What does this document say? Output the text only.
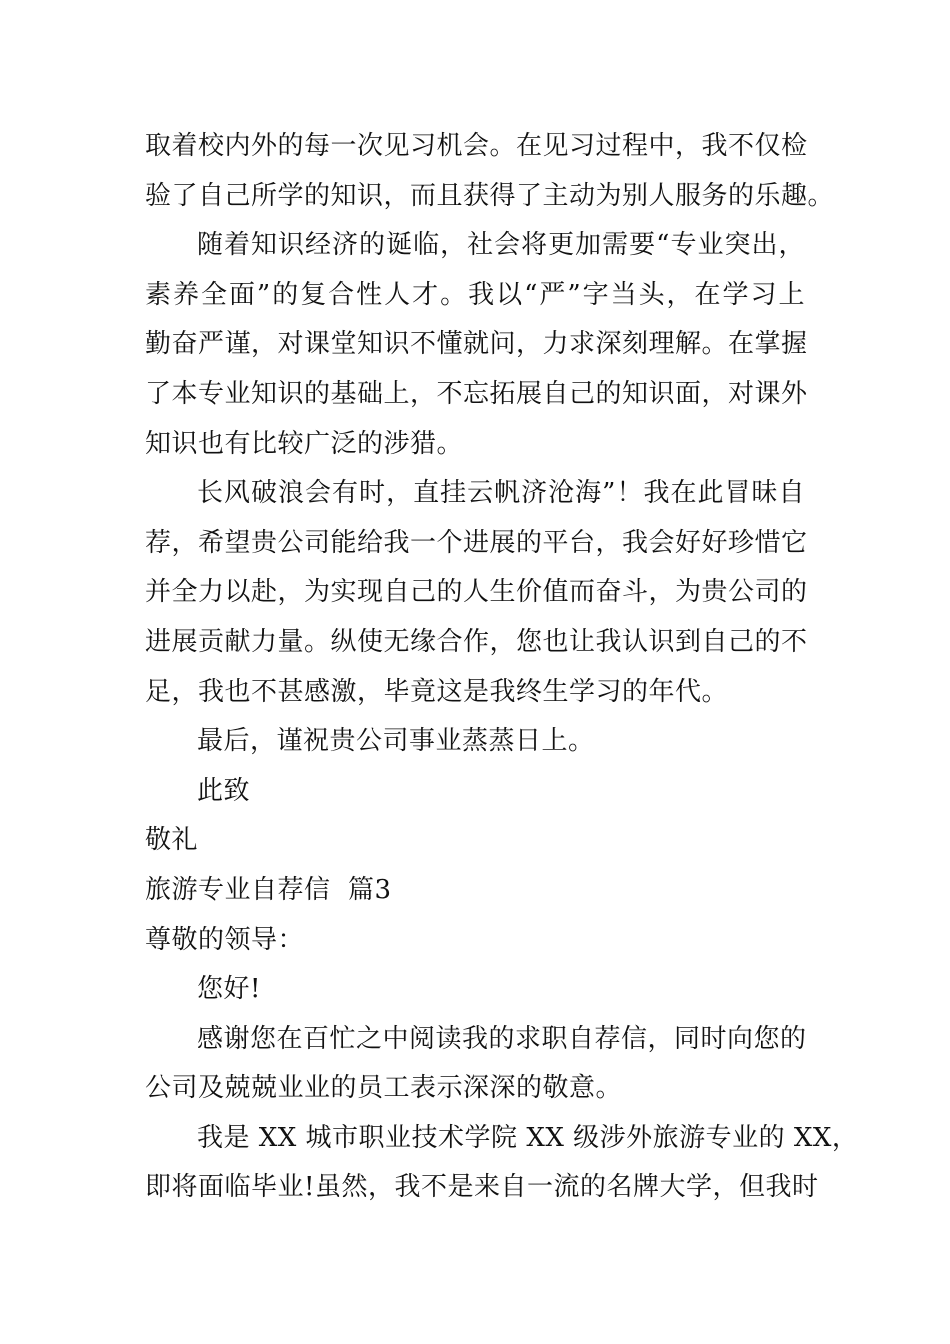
取着校内外的每一次见习机会。在见习过程中，我不仅检
验了自己所学的知识，而且获得了主动为别人服务的乐趣。
随着知识经济的诞临，社会将更加需要“专业突出，
素养全面”的复合性人才。我以“严”字当头，在学习上
勤奋严谨，对课堂知识不懂就问，力求深刻理解。在掌握
了本专业知识的基础上，不忘拓展自己的知识面，对课外
知识也有比较广泛的涉猎。
长风破浪会有时，直挂云帆济沧海”！我在此冒昧自
荐，希望贵公司能给我一个进展的平台，我会好好珍惜它
并全力以赴，为实现自己的人生价值而奋斗，为贵公司的
进展贡献力量。纵使无缘合作，您也让我认识到自己的不
足，我也不甚感激，毕竟这是我终生学习的年代。

最后，谨祝贵公司事业蒸蒸日上。

此致

敬礼

旅游专业自荐信  篇3

尊敬的领导：

您好!

感谢您在百忙之中阅读我的求职自荐信，同时向您的
公司及兢兢业业的员工表示深深的敬意。
我是 XX 城市职业技术学院 XX 级涉外旅游专业的 XX，
即将面临毕业!虽然，我不是来自一流的名牌大学，但我时
